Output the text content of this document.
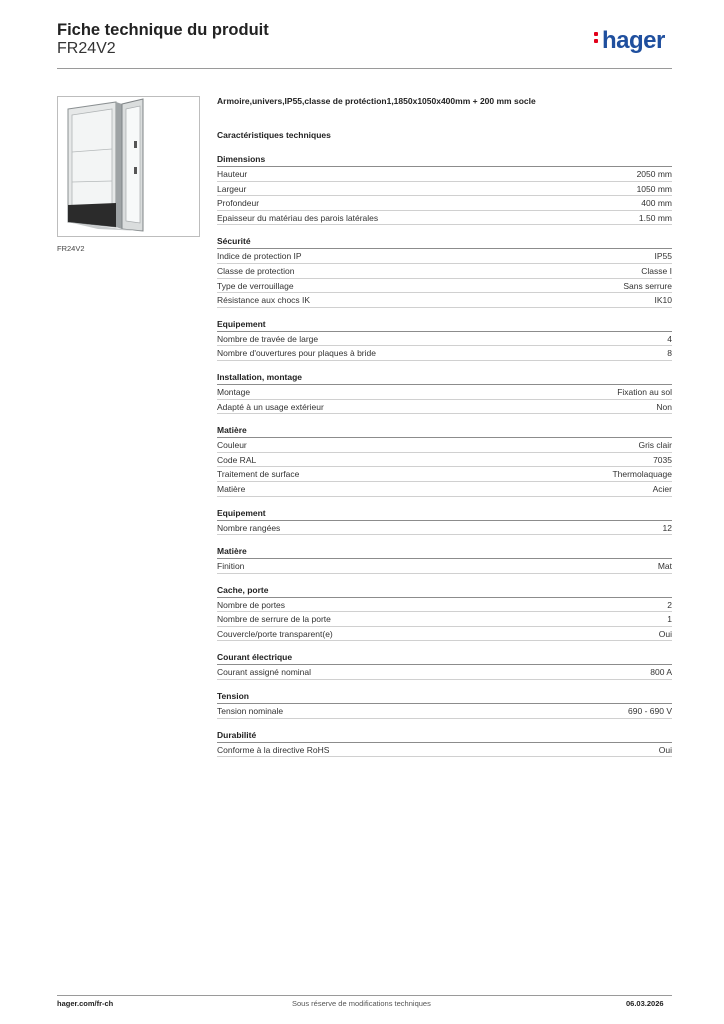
Fiche technique du produit
FR24V2	hager
FR24V2
Armoire,univers,IP55,classe de protéction1,1850x1050x400mm + 200 mm socle
Caractéristiques techniques
Dimensions
Hauteur	2050 mm
Largeur	1050 mm
Profondeur	400 mm
Epaisseur du matériau des parois latérales	1.50 mm
Sécurité
Indice de protection IP	IP55
Classe de protection	Classe I
Type de verrouillage	Sans serrure
Résistance aux chocs IK	IK10
Equipement
Nombre de travée de large	4
Nombre d'ouvertures pour plaques à bride	8
Installation, montage
Montage	Fixation au sol
Adapté à un usage extérieur	Non
Matière
Couleur	Gris clair
Code RAL	7035
Traitement de surface	Thermolaquage
Matière	Acier
Equipement
Nombre rangées	12
Matière
Finition	Mat
Cache, porte
Nombre de portes	2
Nombre de serrure de la porte	1
Couvercle/porte transparent(e)	Oui
Courant électrique
Courant assigné nominal	800 A
Tension
Tension nominale	690 - 690 V
Durabilité
Conforme à la directive RoHS	Oui
hager.com/fr-ch	Sous réserve de modifications techniques	06.03.2026
